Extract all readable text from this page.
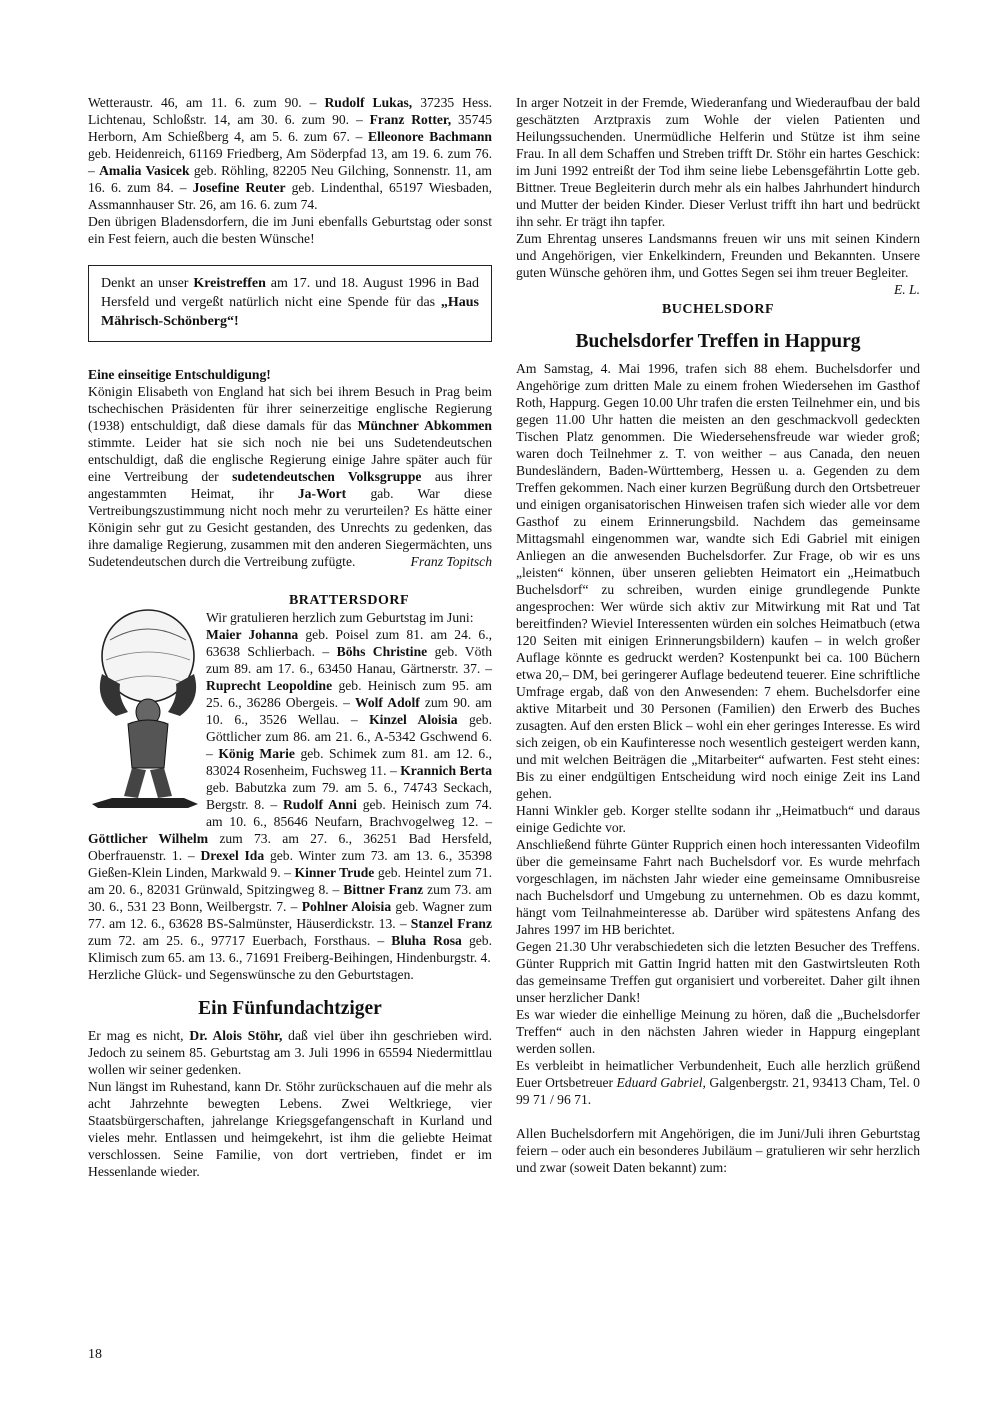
Wetteraustr. 46, am 11. 6. zum 90. – Rudolf Lukas, 37235 Hess. Lichtenau, Schloßstr. 14, am 30. 6. zum 90. – Franz Rotter, 35745 Herborn, Am Schießberg 4, am 5. 6. zum 67. – Elleonore Bachmann geb. Heidenreich, 61169 Friedberg, Am Söderpfad 13, am 19. 6. zum 76. – Amalia Vasicek geb. Röhling, 82205 Neu Gilching, Sonnenstr. 11, am 16. 6. zum 84. – Josefine Reuter geb. Lindenthal, 65197 Wiesbaden, Assmannhauser Str. 26, am 16. 6. zum 74.

Den übrigen Bladensdorfern, die im Juni ebenfalls Geburtstag oder sonst ein Fest feiern, auch die besten Wünsche!

Denkt an unser Kreistreffen am 17. und 18. August 1996 in Bad Hersfeld und vergeßt natürlich nicht eine Spende für das „Haus Mährisch-Schönberg“!

Eine einseitige Entschuldigung!

Königin Elisabeth von England hat sich bei ihrem Besuch in Prag beim tschechischen Präsidenten für ihrer seinerzeitige englische Regierung (1938) entschuldigt, daß diese damals für das Münchner Abkommen stimmte. Leider hat sie sich noch nie bei uns Sudetendeutschen entschuldigt, daß die englische Regierung einige Jahre später auch für eine Vertreibung der sudetendeutschen Volksgruppe aus ihrer angestammten Heimat, ihr Ja-Wort gab. War diese Vertreibungszustimmung nicht noch mehr zu verurteilen? Es hätte einer Königin sehr gut zu Gesicht gestanden, des Unrechts zu gedenken, das ihre damalige Regierung, zusammen mit den anderen Siegermächten, uns Sudetendeutschen durch die Vertreibung zufügte.	Franz Topitsch

BRATTERSDORF

Wir gratulieren herzlich zum Geburtstag im Juni:

Maier Johanna geb. Poisel zum 81. am 24. 6., 63638 Schlierbach. – Böhs Christine geb. Vöth zum 89. am 17. 6., 63450 Hanau, Gärtnerstr. 37. – Ruprecht Leopoldine geb. Heinisch zum 95. am 25. 6., 36286 Obergeis. – Wolf Adolf zum 90. am 10. 6., 3526 Wellau. – Kinzel Aloisia geb. Göttlicher zum 86. am 21. 6., A-5342 Gschwend 6. – König Marie geb. Schimek zum 81. am 12. 6., 83024 Rosenheim, Fuchsweg 11. – Krannich Berta geb. Babutzka zum 79. am 5. 6., 74743 Seckach, Bergstr. 8. – Rudolf Anni geb. Heinisch zum 74. am 10. 6., 85646 Neufarn, Brachvogelweg 12. – Göttlicher Wilhelm zum 73. am 27. 6., 36251 Bad Hersfeld, Oberfrauenstr. 1. – Drexel Ida geb. Winter zum 73. am 13. 6., 35398 Gießen-Klein Linden, Markwald 9. – Kinner Trude geb. Heintel zum 71. am 20. 6., 82031 Grünwald, Spitzingweg 8. – Bittner Franz zum 73. am 30. 6., 531 23 Bonn, Weilbergstr. 7. – Pohlner Aloisia geb. Wagner zum 77. am 12. 6., 63628 BS-Salmünster, Häuserdickstr. 13. – Stanzel Franz zum 72. am 25. 6., 97717 Euerbach, Forsthaus. – Bluha Rosa geb. Klimisch zum 65. am 13. 6., 71691 Freiberg-Beihingen, Hindenburgstr. 4.

Herzliche Glück- und Segenswünsche zu den Geburtstagen.

Ein Fünfundachtziger

Er mag es nicht, Dr. Alois Stöhr, daß viel über ihn geschrieben wird. Jedoch zu seinem 85. Geburtstag am 3. Juli 1996 in 65594 Niedermittlau wollen wir seiner gedenken.

Nun längst im Ruhestand, kann Dr. Stöhr zurückschauen auf die mehr als acht Jahrzehnte bewegten Lebens. Zwei Weltkriege, vier Staatsbürgerschaften, jahrelange Kriegsgefangenschaft in Kurland und vieles mehr. Entlassen und heimgekehrt, ist ihm die geliebte Heimat verschlossen. Seine Familie, von dort vertrieben, findet er im Hessenlande wieder.

In arger Notzeit in der Fremde, Wiederanfang und Wiederaufbau der bald geschätzten Arztpraxis zum Wohle der vielen Patienten und Heilungssuchenden. Unermüdliche Helferin und Stütze ist ihm seine Frau. In all dem Schaffen und Streben trifft Dr. Stöhr ein hartes Geschick: im Juni 1992 entreißt der Tod ihm seine liebe Lebensgefährtin Lotte geb. Bittner. Treue Begleiterin durch mehr als ein halbes Jahrhundert hindurch und Mutter der beiden Kinder. Dieser Verlust trifft ihn hart und bedrückt ihn sehr. Er trägt ihn tapfer.

Zum Ehrentag unseres Landsmanns freuen wir uns mit seinen Kindern und Angehörigen, vier Enkelkindern, Freunden und Bekannten. Unsere guten Wünsche gehören ihm, und Gottes Segen sei ihm treuer Begleiter.
E. L.

BUCHELSDORF

Buchelsdorfer Treffen in Happurg

Am Samstag, 4. Mai 1996, trafen sich 88 ehem. Buchelsdorfer und Angehörige zum dritten Male zu einem frohen Wiedersehen im Gasthof Roth, Happurg. Gegen 10.00 Uhr trafen die ersten Teilnehmer ein, und bis gegen 11.00 Uhr hatten die meisten an den geschmackvoll gedeckten Tischen Platz genommen. Die Wiedersehensfreude war wieder groß; waren doch Teilnehmer z. T. von weither – aus Canada, den neuen Bundesländern, Baden-Württemberg, Hessen u. a. Gegenden zu dem Treffen gekommen. Nach einer kurzen Begrüßung durch den Ortsbetreuer und einigen organisatorischen Hinweisen trafen sich wieder alle vor dem Gasthof zu einem Erinnerungsbild. Nachdem das gemeinsame Mittagsmahl eingenommen war, wandte sich Edi Gabriel mit einigen Anliegen an die anwesenden Buchelsdorfer. Zur Frage, ob wir es uns „leisten“ können, über unseren geliebten Heimatort ein „Heimatbuch Buchelsdorf“ zu schreiben, wurden einige grundlegende Punkte angesprochen: Wer würde sich aktiv zur Mitwirkung mit Rat und Tat bereitfinden? Wieviel Interessenten würden ein solches Heimatbuch (etwa 120 Seiten mit einigen Erinnerungsbildern) kaufen – in welch großer Auflage könnte es gedruckt werden? Kostenpunkt bei ca. 100 Büchern etwa 20,– DM, bei geringerer Auflage bedeutend teuerer. Eine schriftliche Umfrage ergab, daß von den Anwesenden: 7 ehem. Buchelsdorfer eine aktive Mitarbeit und 30 Personen (Familien) den Erwerb des Buches zusagten. Auf den ersten Blick – wohl ein eher geringes Interesse. Es wird sich zeigen, ob ein Kaufinteresse noch wesentlich gesteigert werden kann, und mit welchen Beiträgen die „Mitarbeiter“ aufwarten. Fest steht eines: Bis zu einer endgültigen Entscheidung wird noch einige Zeit ins Land gehen.

Hanni Winkler geb. Korger stellte sodann ihr „Heimatbuch“ und daraus einige Gedichte vor.

Anschließend führte Günter Rupprich einen hoch interessanten Videofilm über die gemeinsame Fahrt nach Buchelsdorf vor. Es wurde mehrfach vorgeschlagen, im nächsten Jahr wieder eine gemeinsame Omnibusreise nach Buchelsdorf und Umgebung zu unternehmen. Ob es dazu kommt, hängt vom Teilnahmeinteresse ab. Darüber wird spätestens Anfang des Jahres 1997 im HB berichtet.

Gegen 21.30 Uhr verabschiedeten sich die letzten Besucher des Treffens. Günter Rupprich mit Gattin Ingrid hatten mit den Gastwirtsleuten Roth das gemeinsame Treffen gut organisiert und vorbereitet. Daher gilt ihnen unser herzlicher Dank!

Es war wieder die einhellige Meinung zu hören, daß die „Buchelsdorfer Treffen“ auch in den nächsten Jahren wieder in Happurg eingeplant werden sollen.

Es verbleibt in heimatlicher Verbundenheit, Euch alle herzlich grüßend Euer Ortsbetreuer Eduard Gabriel, Galgenbergstr. 21, 93413 Cham, Tel. 0 99 71 / 96 71.

Allen Buchelsdorfern mit Angehörigen, die im Juni/Juli ihren Geburtstag feiern – oder auch ein besonderes Jubiläum – gratulieren wir sehr herzlich und zwar (soweit Daten bekannt) zum:

18
